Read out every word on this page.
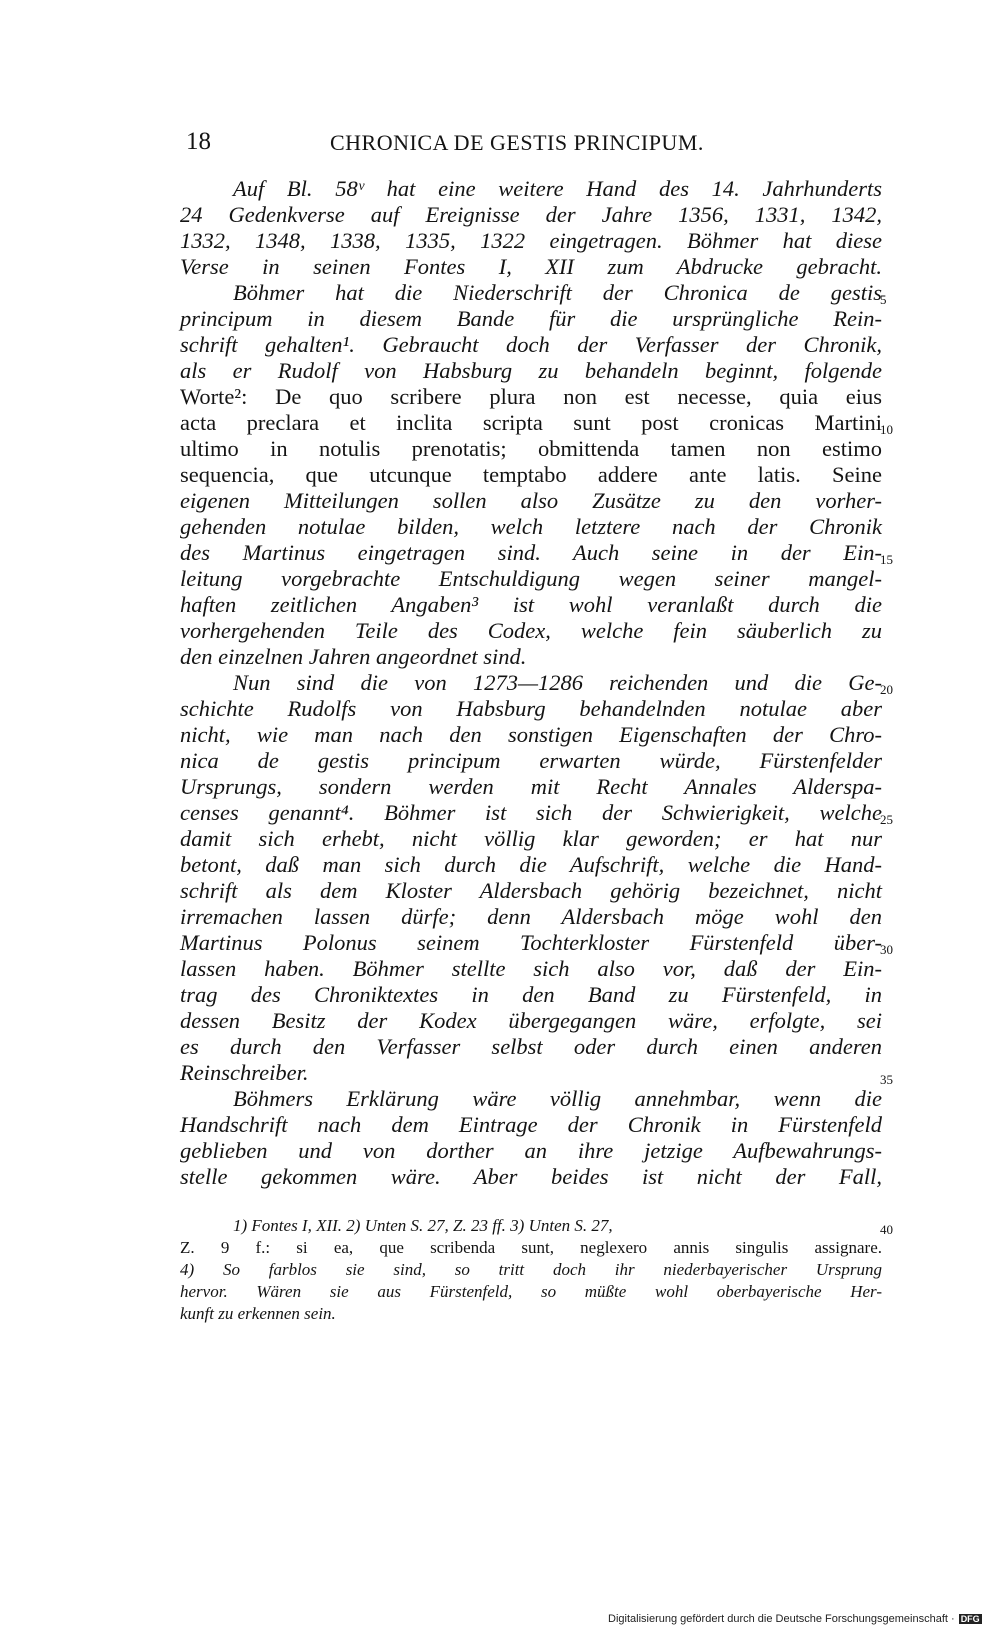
18	CHRONICA DE GESTIS PRINCIPUM.
Auf Bl. 58ᵛ hat eine weitere Hand des 14. Jahrhunderts
24 Gedenkverse auf Ereignisse der Jahre 1356, 1331, 1342,
1332, 1348, 1338, 1335, 1322 eingetragen. Böhmer hat diese
Verse in seinen Fontes I, XII zum Abdrucke gebracht.
Böhmer hat die Niederschrift der Chronica de gestis
principum in diesem Bande für die ursprüngliche Rein-
schrift gehalten¹. Gebraucht doch der Verfasser der Chronik,
als er Rudolf von Habsburg zu behandeln beginnt, folgende
Worte²: De quo scribere plura non est necesse, quia eius
acta preclara et inclita scripta sunt post cronicas Martini
ultimo in notulis prenotatis; obmittenda tamen non estimo
sequencia, que utcunque temptabo addere ante latis. Seine
eigenen Mitteilungen sollen also Zusätze zu den vorher-
gehenden notulae bilden, welch letztere nach der Chronik
des Martinus eingetragen sind. Auch seine in der Ein-
leitung vorgebrachte Entschuldigung wegen seiner mangel-
haften zeitlichen Angaben³ ist wohl veranlaßt durch die
vorhergehenden Teile des Codex, welche fein säuberlich zu
den einzelnen Jahren angeordnet sind.
Nun sind die von 1273—1286 reichenden und die Ge-
schichte Rudolfs von Habsburg behandelnden notulae aber
nicht, wie man nach den sonstigen Eigenschaften der Chro-
nica de gestis principum erwarten würde, Fürstenfelder
Ursprungs, sondern werden mit Recht Annales Alderspa-
censes genannt⁴. Böhmer ist sich der Schwierigkeit, welche
damit sich erhebt, nicht völlig klar geworden; er hat nur
betont, daß man sich durch die Aufschrift, welche die Hand-
schrift als dem Kloster Aldersbach gehörig bezeichnet, nicht
irremachen lassen dürfe; denn Aldersbach möge wohl den
Martinus Polonus seinem Tochterkloster Fürstenfeld über-
lassen haben. Böhmer stellte sich also vor, daß der Ein-
trag des Chroniktextes in den Band zu Fürstenfeld, in
dessen Besitz der Kodex übergegangen wäre, erfolgte, sei
es durch den Verfasser selbst oder durch einen anderen
Reinschreiber.
Böhmers Erklärung wäre völlig annehmbar, wenn die
Handschrift nach dem Eintrage der Chronik in Fürstenfeld
geblieben und von dorther an ihre jetzige Aufbewahrungs-
stelle gekommen wäre. Aber beides ist nicht der Fall,
5
10
15
20
25
30
35
40
1) Fontes I, XII. 2) Unten S. 27, Z. 23 ff. 3) Unten S. 27,
Z. 9 f.: si ea, que scribenda sunt, neglexero annis singulis assignare.
4) So farblos sie sind, so tritt doch ihr niederbayerischer Ursprung
hervor. Wären sie aus Fürstenfeld, so müßte wohl oberbayerische Her-
kunft zu erkennen sein.
Digitalisierung gefördert durch die Deutsche Forschungsgemeinschaft · DFG
